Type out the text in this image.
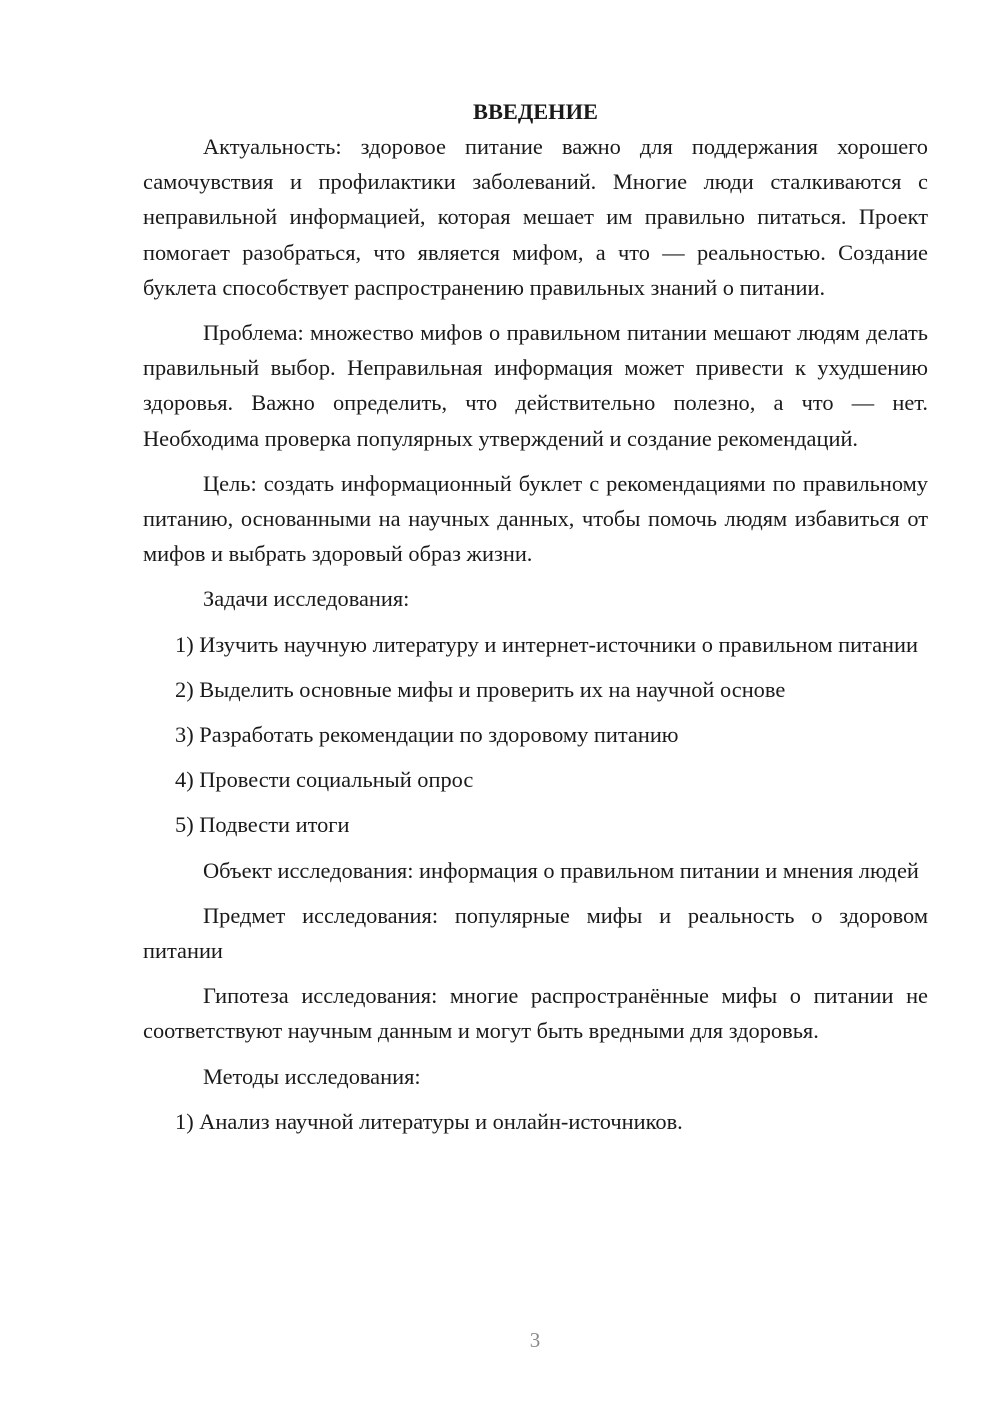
ВВЕДЕНИЕ

Актуальность: здоровое питание важно для поддержания хорошего самочувствия и профилактики заболеваний. Многие люди сталкиваются с неправильной информацией, которая мешает им правильно питаться. Проект помогает разобраться, что является мифом, а что — реальностью. Создание буклета способствует распространению правильных знаний о питании.

Проблема: множество мифов о правильном питании мешают людям делать правильный выбор. Неправильная информация может привести к ухудшению здоровья. Важно определить, что действительно полезно, а что — нет. Необходима проверка популярных утверждений и создание рекомендаций.

Цель: создать информационный буклет с рекомендациями по правильному питанию, основанными на научных данных, чтобы помочь людям избавиться от мифов и выбрать здоровый образ жизни.

Задачи исследования:

1) Изучить научную литературу и интернет-источники о правильном питании

2) Выделить основные мифы и проверить их на научной основе

3) Разработать рекомендации по здоровому питанию

4) Провести социальный опрос

5) Подвести итоги

Объект исследования: информация о правильном питании и мнения людей

Предмет исследования: популярные мифы и реальность о здоровом питании

Гипотеза исследования: многие распространённые мифы о питании не соответствуют научным данным и могут быть вредными для здоровья.

Методы исследования:

1) Анализ научной литературы и онлайн-источников.

3
